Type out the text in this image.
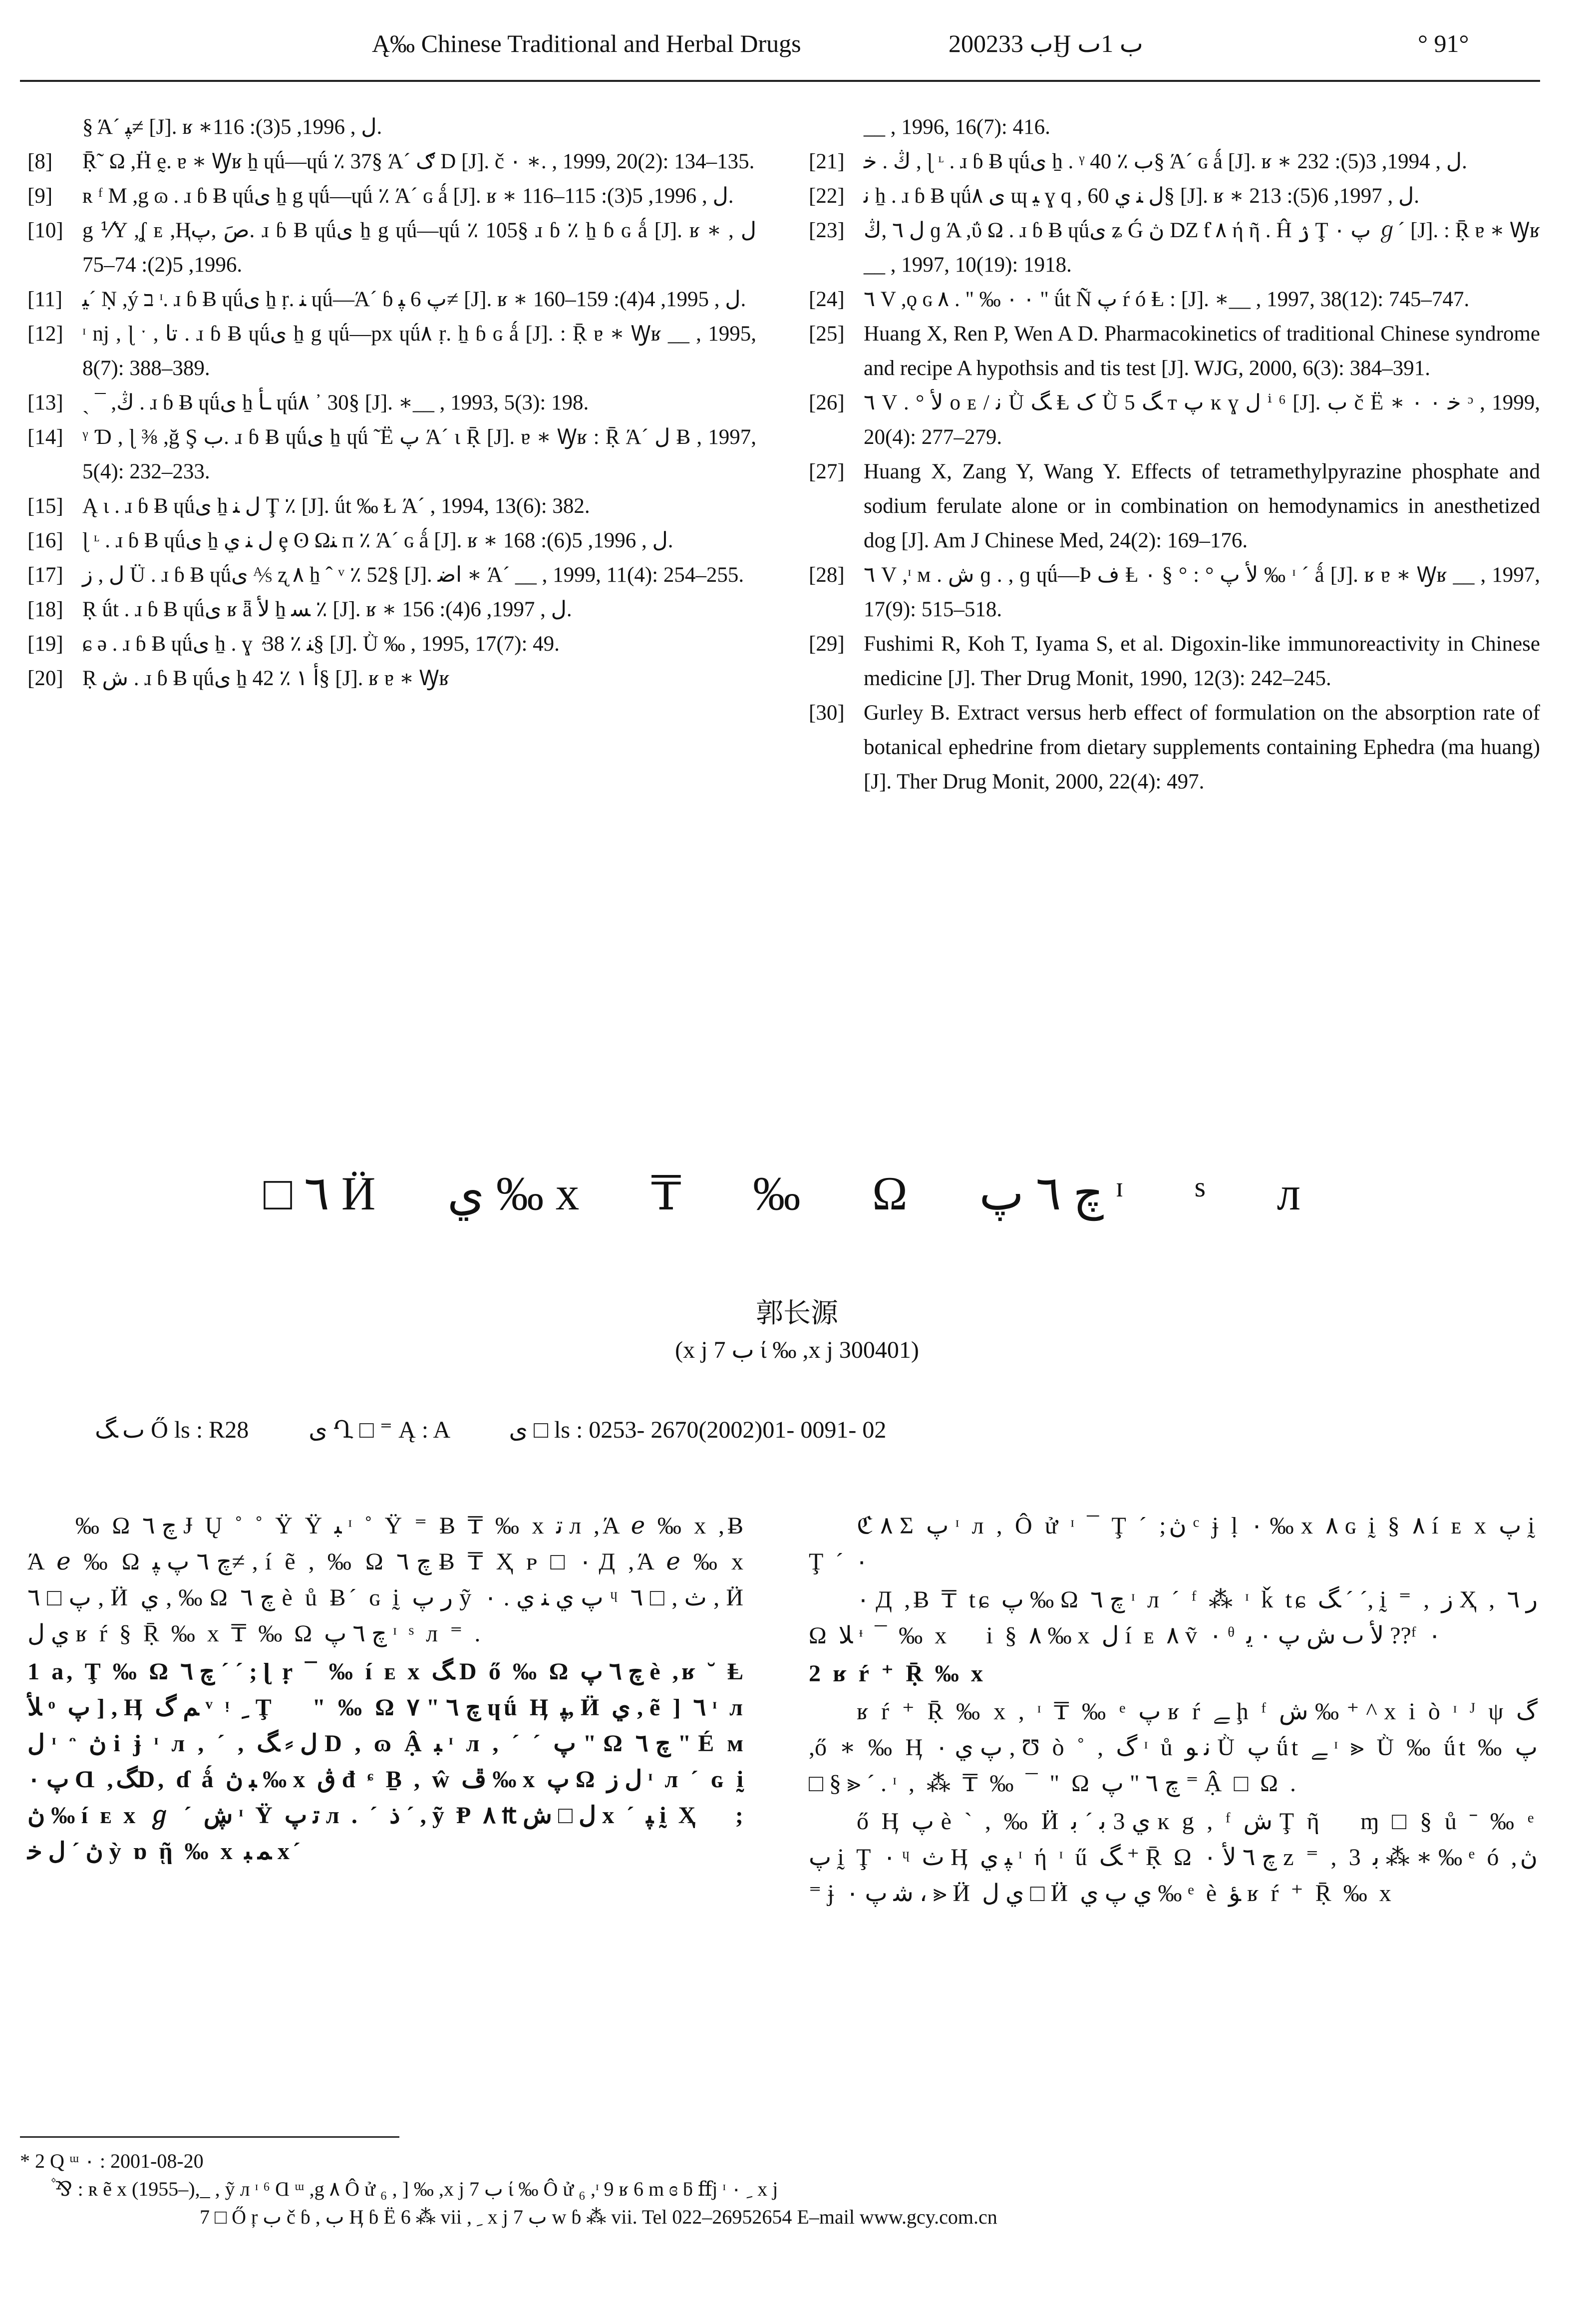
Ą‰ Chinese Traditional and Herbal Drugs	2002ب 33Ӈ ب 1ٮ	° 91°
§ Ά´ ﭙ≠ [J]. ʁ ∗ﻝ , 1996, 5(3): 116.
[8]	Ṝ˜ Ω ,Ḧ ḛ. ɐ ∗ Ꝡʁ ẖ ɥǘ—ɥǘ ٪ 37§ Ά´ ګ D [J]. č ۰ ∗. , 1999, 20(2): 134–135.
[9]	ʀ ᶠ M ,g ɷ . ɹ ɓ Ƀ ɥǘی ẖ g ɥǘ—ɥǘ ٪ Ά´ ɢ ǻ [J]. ʁ ∗ ﻝ , 1996, 5(3): 115–116.
[10] g ⅟Y ,ʆ ᴇ ,Ⱨصَ ,پ. ɹ ɓ Ƀ ɥǘی ẖ g ɥǘ—ɥǘ ٪ 105§ ɹ ɓ ٪ ẖ ɓ ɢ ǻ [J]. ʁ ∗ ﻝ , 1996, 5(2): 74–75.
[11] ﻴ´ Ṇ ,ý ב ᶦ. ɹ ɓ Ƀ ɥǘی ẖ ṛ. ﻨ ɥǘ—Ά´ ɓ پ 6 ﭙ≠ [J]. ʁ ∗ ﻝ , 1995, 4(4): 159–160.
[12] ᶦ nj , ɭ ˑ , تا . ɹ ɓ Ƀ ɥǘی ẖ g ɥǘ—px ɥǘ٨ ṛ. ẖ ɓ ɢ ǻ [J]. : Ṝ ɐ ∗ Ꝡʁ __ , 1995, 8(7): 388–389.
[13] ˎ ¯ ,ڭ . ɹ ɓ Ƀ ɥǘی ẖ ـأ ɥǘ٨ ᾽ 30§ [J]. ∗__ , 1993, 5(3): 198.
[14] ᵞ Ɗ , ɭ ⅜ ,ğ Ş ب. ɹ ɓ Ƀ ɥǘی ẖ ɥǘ ̃ Ë پ Ά´ ɩ Ṝ [J]. ɐ ∗ Ꝡʁ : Ṝ Ά´ ﻝ Ƀ , 1997, 5(4): 232–233.
[15] Ą ɩ . ɹ ɓ Ƀ ɥǘی ẖ ﻝ ﻨ Ţ ٪ [J]. ǘt ‰ Ɫ Ά´ , 1994, 13(6): 382.
[16] ɭ ᶫ . ɹ ɓ Ƀ ɥǘی ẖ ﻝ ﻨ ي ȩ ʘ Ωﻨ ᴨ ٪ Ά´ ɢ ǻ [J]. ʁ ∗ ﻝ , 1996, 5(6): 168.
[17] ﻝ , ﺯ Ü . ɹ ɓ Ƀ ɥǘی ⅍ ʐ ٨ ẖ ˆ ᵛ ٪ 52§ [J]. ﺍﺿ ∗ Ά´ __ , 1999, 11(4): 254–255.
[18] Ṛ ǘt . ɹ ɓ Ƀ ɥǘی ʁ ǟ ﻷ ẖ ﺴ ٪ [J]. ʁ ∗ ﻝ , 1997, 6(4): 156.
[19] ɕ ǝ . ɹ ɓ Ƀ ɥǘی ẖ . ɣ ٛ ﻨ ٪ 38§ [J]. Ǜ ‰ , 1995, 17(7): 49.
[20] Ṛ ش . ɹ ɓ Ƀ ɥǘی ẖ ﺃ ١ ٪ 42§ [J]. ʁ ɐ ∗ Ꝡʁ
__ , 1996, 16(7): 416.
[21] ڭ . ﺧ , ɭ ᶫ . ɹ ɓ Ƀ ɥǘی ẖ . ᵞ ب ٪ 40§ Ά´ ɢ ǻ [J]. ʁ ∗ ﻝ , 1994, 3(5): 232.
[22] ﻧ ẖ . ɹ ɓ Ƀ ɥǘی ٨ ɰ ﻴ ɣ q , ﻝ ﻨ ي 60§ [J]. ʁ ∗ ﻝ , 1997, 6(5): 213.
[23] ﻝ ٦ ,ڭ ɡ Ά ,ΰ Ω . ɹ ɓ Ƀ ɥǘی ʑ Ǵ ڽ Ǳ ƭ ٨ ή ῆ . Ĥ ۯ Ţ ۰ پ ℊ´ [J]. : Ṝ ɐ ∗ Ꝡʁ __ , 1997, 10(19): 1918.
[24] ٦ V ,ǫ ɢ ٨ . " ‰ ۰ ۰ " ǘt Ñ پ ŕ ó Ⱡ : [J]. ∗__ , 1997, 38(12): 745–747.
[25] Huang X, Ren P, Wen A D. Pharmacokinetics of traditional Chinese syndrome and recipe A hypothsis and tis test [J]. WJG, 2000, 6(3): 384–391.
[26] ٦ V . ° ﻷ ᴏ ᴇ / ﻧ Ǜ ﮓ Ⱡ ک Ǜ ﮓ 5 ᴛ پ ĸ ɣ ﻝ ⁱ ⁶ [J]. ب č Ë ∗ ﺧ ۰ ۰ ᵓ , 1999, 20(4): 277–279.
[27] Huang X, Zang Y, Wang Y. Effects of tetramethylpyrazine phosphate and sodium ferulate alone or in combination on hemodynamics in anesthetized dog [J]. Am J Chinese Med, 24(2): 169–176.
[28] ٦ V ,ᶦ ᴍ . ش ɡ . , ɡ ɥǘ—Þ ﻑ Ⱡ ۰ § ° : ° ﻷ پ ‰ ᶦ ´ ǻ [J]. ʁ ɐ ∗ Ꝡʁ __ , 1997, 17(9): 515–518.
[29] Fushimi R, Koh T, Iyama S, et al. Digoxin-like immunoreactivity in Chinese medicine [J]. Ther Drug Monit, 1990, 12(3): 242–245.
[30] Gurley B. Extract versus herb effect of formulation on the absorption rate of botanical ephedrine from dietary supplements containing Ephedra (ma huang) [J]. Ther Drug Monit, 2000, 22(4): 497.
□ ٦ Ӥ ي ‰ x ₸ ‰ Ω چ ٦ پ ᶦ ˢ л
郭长源
(x j 7 ب ί ‰ ,x j 300401)
ٮ ﮓ Ő ls : R28          ﻯ Ղ □ ⁼ Ą : A          ﻯ □ ls : 0253- 2670(2002)01- 0091- 02

‰ Ω چ ٦ Ɉ Ų ˚ ˚ Ÿ Ÿ ﺒ ᶦ ˚ Ÿ ⁼ Ƀ ₸ ‰ x ﺗ л ,Ά ℯ ‰ x ,Ƀ Ά ℯ ‰ Ω چ ٦ پ ﭙ≠ , í ẽ , ‰ Ω چ ٦ Ƀ ₸ Ҳ ᴘ □ ۰ Д ,Ά ℯ ‰ x پ □ ٦ , Ӥ ي , ‰ Ω چ ٦ è ů Ƀ´ ɢ ḭ ﺭ پ ỹ پ ي ﻨ ي . ۰ ᶣ ﺙ , □ ٦ , Ӥ ي ﻝ ʁ ŕ § Ṝ ‰ x ₸ ‰ Ω چ ٦ پ ᶦ ˢ л ⁼ .

1 a, Ţ ‰ Ω چ ٦ ´ ´ ; ɭ ṛ ¯ ‰ í ᴇ x ﮓ D ő ‰ Ω چ ٦ پ è ,ʁ ˘ Ⱡ ﻸ ᵒ پ ] , Ӊ ﻢ ﮒ ᵛ ᵎ ﹺ Ţ ⃞ " ‰ Ω چ ٦ " ٧ ɥǘ Ӊ ﭙ, Ӥ ي , ẽ ] ٦ ᶦ л ﻝ ᶦ ᵔ ڽ i ɉ ᶦ л , ´ , ﻝ ⸗ ﮓ D , ɷ Ậ ﺒ ᶦ л , ´ ´ پ " Ω چ ٦ " É ᴍ پ ۰ Ɑ ,ﮓD, ɗ ǻ ﺒ ڽ ‰ x ڨ đ ᶝ Ḇ , ŵ ڦ ‰ x پ Ω ﻝ ﺯ ᶦ л ´ ɢ ḭ ڽ ‰ í ᴇ x ℊ ´ ڜ ᶦ Ÿ ﺗ پ л . ´ ﺫ ´ , ỹ Ᵽ ﻝ □ ﺵ ₶ ٨ x ´ ﭙ ḭ Ҳ ⃞ ; ڽ ´ ﻝ ﺧ ỳ ɒ ῇ ‰ x ﻤ ﺒ x´

ℭ ٨ Σ پ ᶦ л , Ô ử ᶦ ¯ Ţ ´ ;ڽ ᶜ ɉ ḷ ۰ ‰ x ٨ ɢ ḭ § ٨ í ᴇ x پ ḭ Ţ ´ ۰

۰ Д ,Ƀ ₸ tɕ پ ‰ Ω چ ٦ ᶦ л ´ ᶠ ⁂ ᶦ ǩ tɕ ﮓ ´ ´, ḭ ⁼ , ﺯ Ҳ , ﺭ ٦ Ω ﻼ ᶧ ¯ ‰ x ⃞ i § ٨ ‰ x ﻝ í ᴇ ٨ ṽ ۰ ᶿ ﻷ ٮ ﺵ پ ۰ ﻳ ??ᶠ ۰

2 ʁ ŕ ⁺ Ṝ ‰ x

ʁ ŕ ⁺ Ṝ ‰ x , ᶦ ₸ ‰ ᵉ پ ʁ ŕ ﮯ ḩ ᶠ ﺵ ‰ ⁺ ^ x i ò ᶦ ᴶ ψ ﮒ ,ő ∗ ‰ Ӊ ۰ پ ي , Ʊ ò ˚ , ﮒ ᶦ ů ﻧ ﻮ Ǜ پ ǘt ﮯ ᶦ ⪢ Ǜ ‰ ǘt ‰ پ □ § ⪢ ´ . ᶦ , ⁂ ₸ ‰ ¯ " Ω چ ٦ " پ ⁼ Ậ □ Ω .

ő Ӊ پ è ` , ‰ Ӥ ي 3 ﺑ ´ ﺑ ĸ g , ᶠ ﺵ Ţ ῆ ⃞ ɱ □ § ů ˉ ‰ ᵉ پ ḭ Ţ ۰ ᶣ ﺙ Ӊ ﭙ ي ᶦ ή ᶦ ű ﮓ ⁺ Ṝ Ω چ ٦ ﻷ ۰ ᴢ ⁼ , 3 ﺑ ⁂ ∗ ‰ ᵉ ó ,ڽ ⁼ ɉ ۰ ﺷ پ ، ⪢ Ӥ ي ﻝ □ Ӥ ي پ ي ‰ ᵉ è ﺆ ʁ ŕ ⁺ Ṝ ‰ x

* 2 Q ᵚ ۰ : 2001-08-20
۫ ⅋ : ʀ ẽ x (1955–),_ , ỹ л ᶦ ⁶ Ɑ ᵚ ,g ٨ Ô ử ₆ , ] ‰ ,x j 7 ب ί ‰ Ô ử ₆ ,ᶦ 9 ʁ 6 m ɞ ƃ ﬀj ᶦ ۰ ﹺ x j
7 □ Ő ŗ ب č ɓ , ب Ӊ ɓ Ë 6 ⁂ vii , ﹺ x j 7 ب w ɓ ⁂ vii. Tel 022–26952654 E–mail www.gcy.com.cn
